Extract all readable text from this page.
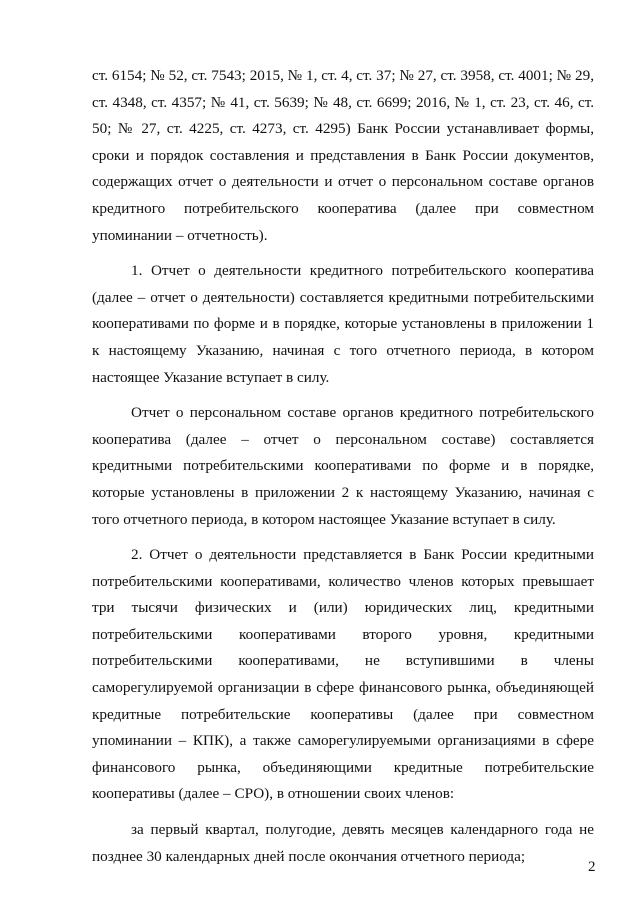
ст. 6154; № 52, ст. 7543; 2015, № 1, ст. 4, ст. 37; № 27, ст. 3958, ст. 4001; № 29, ст. 4348, ст. 4357; № 41, ст. 5639; № 48, ст. 6699; 2016, № 1, ст. 23, ст. 46, ст. 50; № 27, ст. 4225, ст. 4273, ст. 4295) Банк России устанавливает формы, сроки и порядок составления и представления в Банк России документов, содержащих отчет о деятельности и отчет о персональном составе органов кредитного потребительского кооператива (далее при совместном упоминании – отчетность).

1. Отчет о деятельности кредитного потребительского кооператива (далее – отчет о деятельности) составляется кредитными потребительскими кооперативами по форме и в порядке, которые установлены в приложении 1 к настоящему Указанию, начиная с того отчетного периода, в котором настоящее Указание вступает в силу.

Отчет о персональном составе органов кредитного потребительского кооператива (далее – отчет о персональном составе) составляется кредитными потребительскими кооперативами по форме и в порядке, которые установлены в приложении 2 к настоящему Указанию, начиная с того отчетного периода, в котором настоящее Указание вступает в силу.

2. Отчет о деятельности представляется в Банк России кредитными потребительскими кооперативами, количество членов которых превышает три тысячи физических и (или) юридических лиц, кредитными потребительскими кооперативами второго уровня, кредитными потребительскими кооперативами, не вступившими в члены саморегулируемой организации в сфере финансового рынка, объединяющей кредитные потребительские кооперативы (далее при совместном упоминании – КПК), а также саморегулируемыми организациями в сфере финансового рынка, объединяющими кредитные потребительские кооперативы (далее – СРО), в отношении своих членов:

за первый квартал, полугодие, девять месяцев календарного года не позднее 30 календарных дней после окончания отчетного периода;

2
